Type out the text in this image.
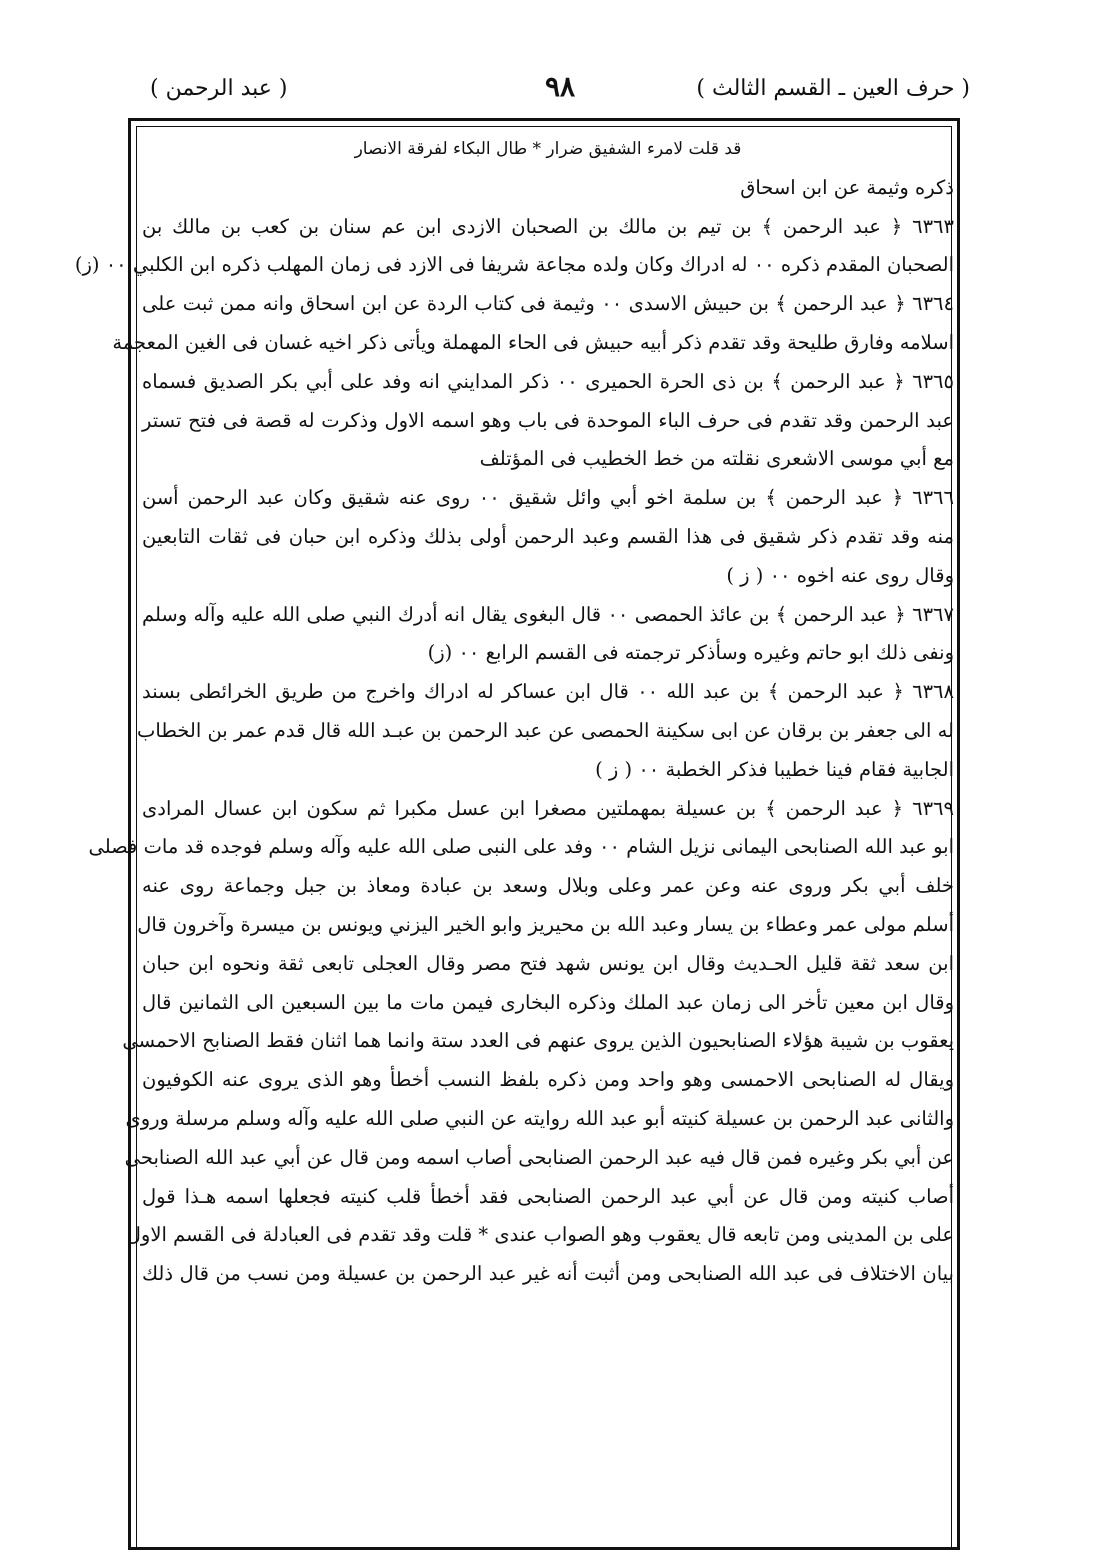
( حرف العين ـ القسم الثالث )
٩٨
( عبد الرحمن )
قد قلت لامرء الشفيق ضرار * طال البكاء لفرقة الانصار
ذكره وثيمة عن ابن اسحاق
٦٣٦٣ ﴿ عبد الرحمن ﴾ بن تيم بن مالك بن الصحبان الازدى ابن عم سنان بن كعب بن مالك بن
الصحبان المقدم ذكره ٠٠ له ادراك وكان ولده مجاعة شريفا فى الازد فى زمان المهلب ذكره ابن الكلبي ٠٠ (ز)
٦٣٦٤ ﴿ عبد الرحمن ﴾ بن حبيش الاسدى ٠٠ وثيمة فى كتاب الردة عن ابن اسحاق وانه ممن ثبت على
اسلامه وفارق طليحة وقد تقدم ذكر أبيه حبيش فى الحاء المهملة ويأتى ذكر اخيه غسان فى الغين المعجمة
٦٣٦٥ ﴿ عبد الرحمن ﴾ بن ذى الحرة الحميرى ٠٠ ذكر المدايني انه وفد على أبي بكر الصديق فسماه
عبد الرحمن وقد تقدم فى حرف الباء الموحدة فى باب وهو اسمه الاول وذكرت له قصة فى فتح تستر
مع أبي موسى الاشعرى نقلته من خط الخطيب فى المؤتلف
٦٣٦٦ ﴿ عبد الرحمن ﴾ بن سلمة اخو أبي وائل شقيق ٠٠ روى عنه شقيق وكان عبد الرحمن أسن
منه وقد تقدم ذكر شقيق فى هذا القسم وعبد الرحمن أولى بذلك وذكره ابن حبان فى ثقات التابعين
وقال روى عنه اخوه ٠٠ ( ز )
٦٣٦٧ ﴿ عبد الرحمن ﴾ بن عائذ الحمصى ٠٠ قال البغوى يقال انه أدرك النبي صلى الله عليه وآله وسلم
ونفى ذلك ابو حاتم وغيره وسأذكر ترجمته فى القسم الرابع ٠٠ (ز)
٦٣٦٨ ﴿ عبد الرحمن ﴾ بن عبد الله ٠٠ قال ابن عساكر له ادراك واخرج من طريق الخرائطى بسند
له الى جعفر بن برقان عن ابى سكينة الحمصى عن عبد الرحمن بن عبـد الله قال قدم عمر بن الخطاب
الجابية فقام فينا خطيبا فذكر الخطبة ٠٠ ( ز )
٦٣٦٩ ﴿ عبد الرحمن ﴾ بن عسيلة بمهملتين مصغرا ابن عسل مكبرا ثم سكون ابن عسال المرادى
ابو عبد الله الصنابحى اليمانى نزيل الشام ٠٠ وفد على النبى صلى الله عليه وآله وسلم فوجده قد مات فصلى
خلف أبي بكر وروى عنه وعن عمر وعلى وبلال وسعد بن عبادة ومعاذ بن جبل وجماعة روى عنه
أسلم مولى عمر وعطاء بن يسار وعبد الله بن محيريز وابو الخير اليزني ويونس بن ميسرة وآخرون قال
ابن سعد ثقة قليل الحـديث وقال ابن يونس شهد فتح مصر وقال العجلى تابعى ثقة ونحوه ابن حبان
وقال ابن معين تأخر الى زمان عبد الملك وذكره البخارى فيمن مات ما بين السبعين الى الثمانين قال
يعقوب بن شيبة هؤلاء الصنابحيون الذين يروى عنهم فى العدد ستة وانما هما اثنان فقط الصنابح الاحمسى
ويقال له الصنابحى الاحمسى وهو واحد ومن ذكره بلفظ النسب أخطأ وهو الذى يروى عنه الكوفيون
والثانى عبد الرحمن بن عسيلة كنيته أبو عبد الله روايته عن النبي صلى الله عليه وآله وسلم مرسلة وروى
عن أبي بكر وغيره فمن قال فيه عبد الرحمن الصنابحى أصاب اسمه ومن قال عن أبي عبد الله الصنابحى
أصاب كنيته ومن قال عن أبي عبد الرحمن الصنابحى فقد أخطأ قلب كنيته فجعلها اسمه هـذا قول
على بن المدينى ومن تابعه قال يعقوب وهو الصواب عندى * قلت وقد تقدم فى العبادلة فى القسم الاول
بيان الاختلاف فى عبد الله الصنابحى ومن أثبت أنه غير عبد الرحمن بن عسيلة ومن نسب من قال ذلك
